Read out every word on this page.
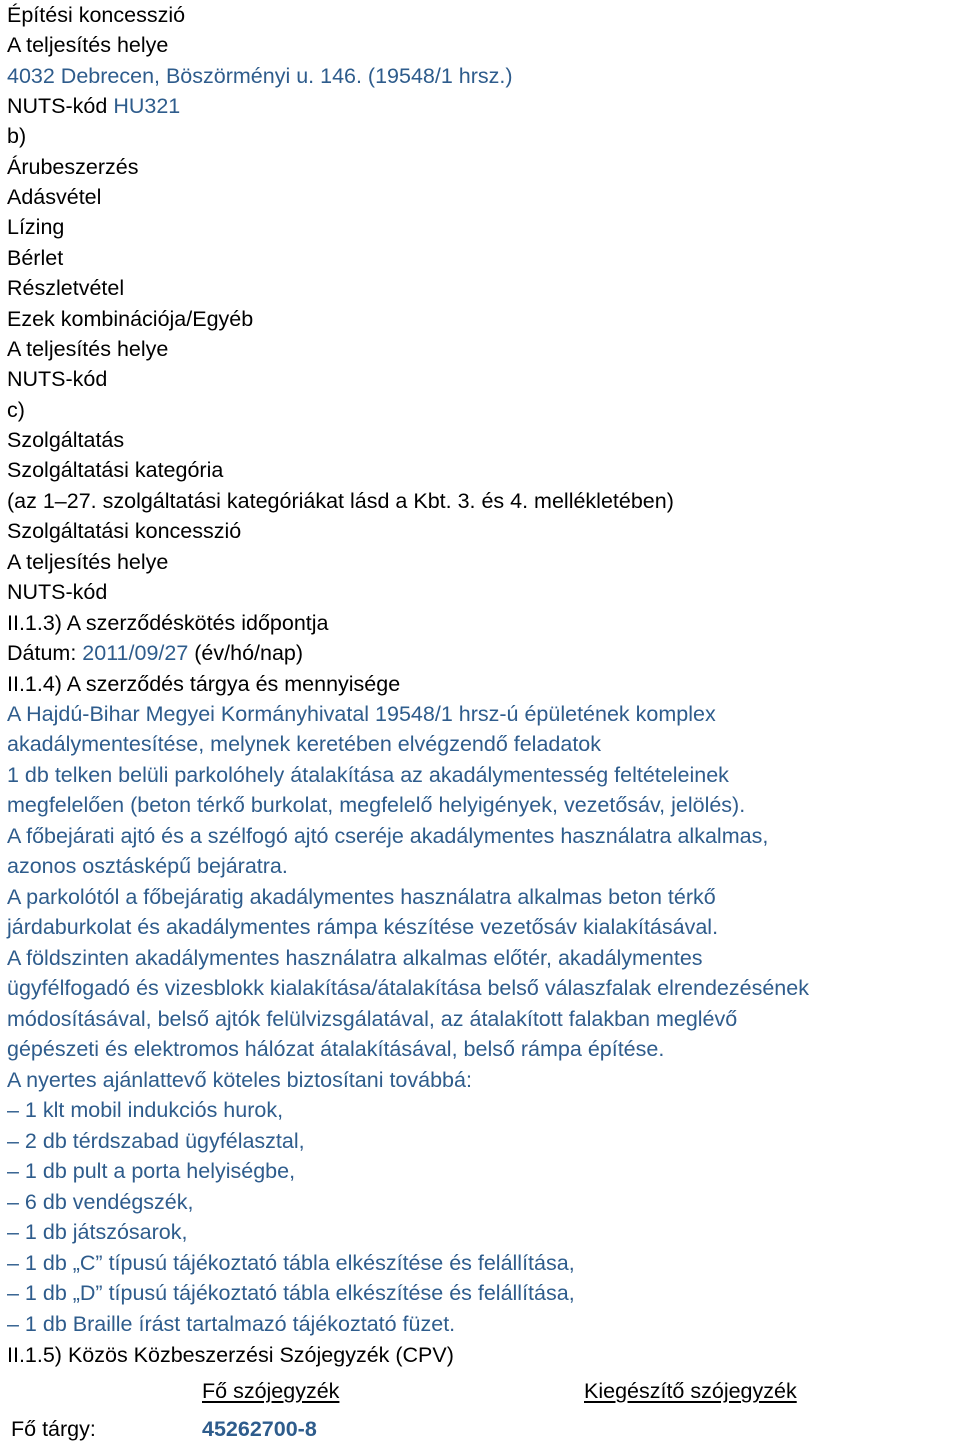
Építési koncesszió
A teljesítés helye
4032 Debrecen, Böszörményi u. 146. (19548/1 hrsz.)
NUTS-kód HU321
b)
Árubeszerzés
Adásvétel
Lízing
Bérlet
Részletvétel
Ezek kombinációja/Egyéb
A teljesítés helye
NUTS-kód
c)
Szolgáltatás
Szolgáltatási kategória
(az 1–27. szolgáltatási kategóriákat lásd a Kbt. 3. és 4. mellékletében)
Szolgáltatási koncesszió
A teljesítés helye
NUTS-kód
II.1.3) A szerződéskötés időpontja
Dátum: 2011/09/27 (év/hó/nap)
II.1.4) A szerződés tárgya és mennyisége
A Hajdú-Bihar Megyei Kormányhivatal 19548/1 hrsz-ú épületének komplex
akadálymentesítése, melynek keretében elvégzendő feladatok
1 db telken belüli parkolóhely átalakítása az akadálymentesség feltételeinek
megfelelően (beton térkő burkolat, megfelelő helyigények, vezetősáv, jelölés).
A főbejárati ajtó és a szélfogó ajtó cseréje akadálymentes használatra alkalmas,
azonos osztásképű bejáratra.
A parkolótól a főbejáratig akadálymentes használatra alkalmas beton térkő
járdaburkolat és akadálymentes rámpa készítése vezetősáv kialakításával.
A földszinten akadálymentes használatra alkalmas előtér, akadálymentes
ügyfélfogadó és vizesblokk kialakítása/átalakítása belső válaszfalak elrendezésének
módosításával, belső ajtók felülvizsgálatával, az átalakított falakban meglévő
gépészeti és elektromos hálózat átalakításával, belső rámpa építése.
A nyertes ajánlattevő köteles biztosítani továbbá:
– 1 klt mobil indukciós hurok,
– 2 db térdszabad ügyfélasztal,
– 1 db pult a porta helyiségbe,
– 6 db vendégszék,
– 1 db játszósarok,
– 1 db „C” típusú tájékoztató tábla elkészítése és felállítása,
– 1 db „D” típusú tájékoztató tábla elkészítése és felállítása,
– 1 db Braille írást tartalmazó tájékoztató füzet.
II.1.5) Közös Közbeszerzési Szójegyzék (CPV)
Fő szójegyzék	Kiegészítő szójegyzék
Fő tárgy:	45262700-8
